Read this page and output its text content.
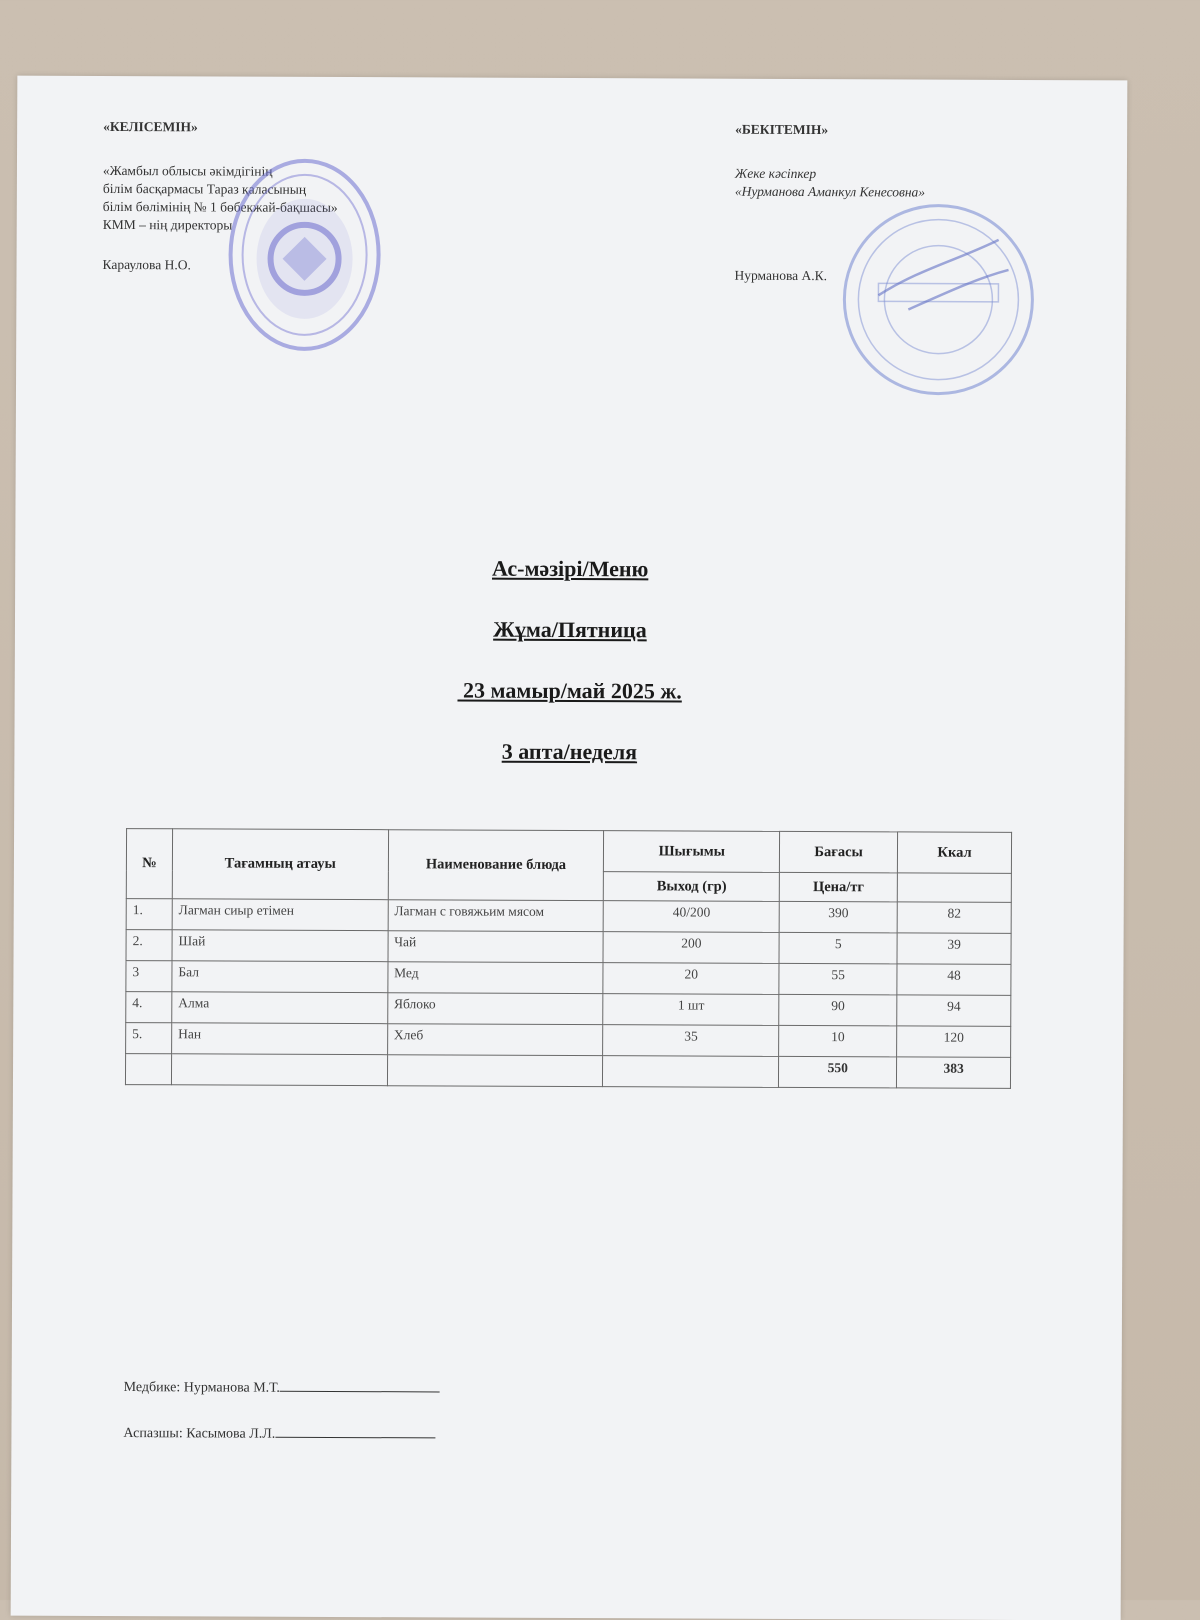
«КЕЛІСЕМІН»
«Жамбыл облысы әкімдігінің
білім басқармасы Тараз қаласының
білім бөлімінің № 1 бөбекжай-бақшасы»
КММ – нің директоры
Караулова Н.О.
«БЕКІТЕМІН»
Жеке кәсіпкер
«Нурманова Аманкул Кенесовна»
Нурманова А.К.
Ас-мәзірі/Меню
Жұма/Пятница
23 мамыр/май 2025 ж.
3 апта/неделя
№	Тағамның атауы	Наименование блюда	Шығымы	Бағасы	Ккал
			Выход (гр)	Цена/тг	
1.	Лагман сиыр етімен	Лагман с говяжьим мясом	40/200	390	82
2.	Шай	Чай	200	5	39
3	Бал	Мед	20	55	48
4.	Алма	Яблоко	1 шт	90	94
5.	Нан	Хлеб	35	10	120
				550	383
Медбике: Нурманова М.Т.
Аспазшы: Касымова Л.Л.
